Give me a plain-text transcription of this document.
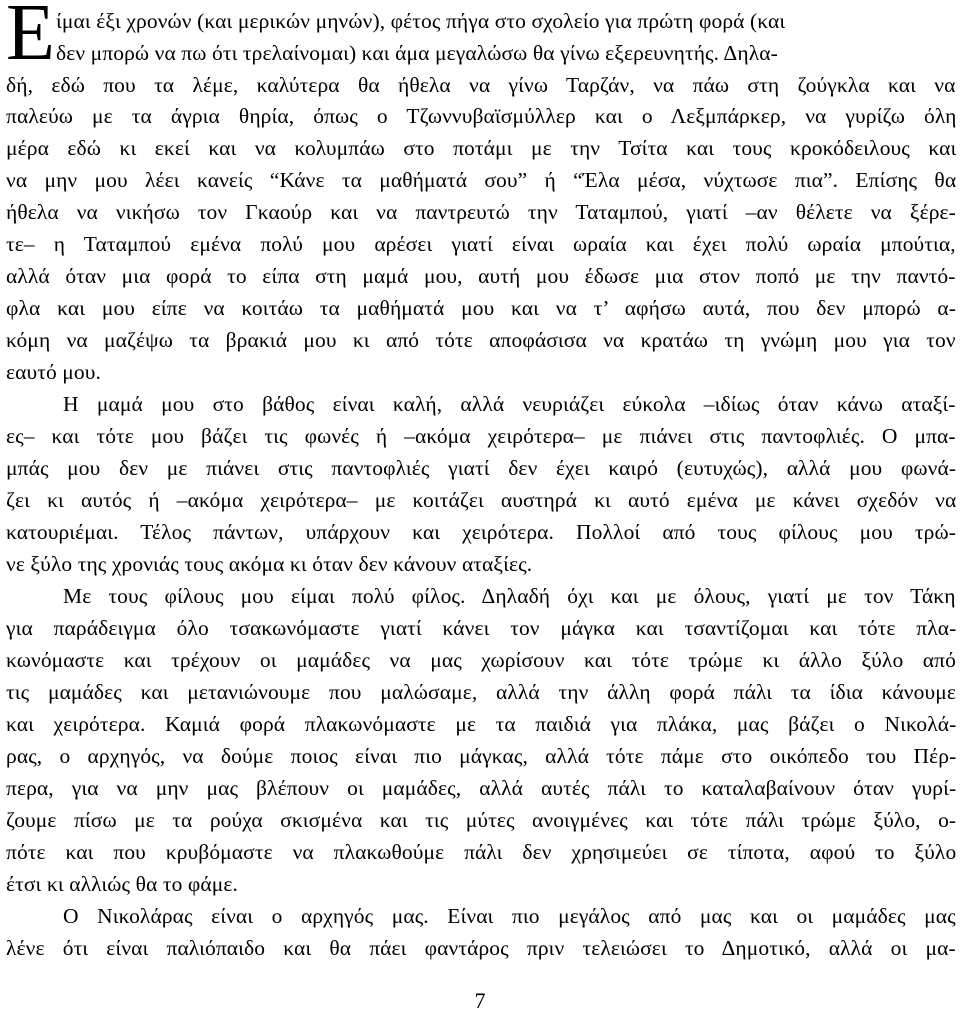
Ε ίμαι έξι χρονών (και μερικών μηνών), φέτος πήγα στο σχολείο για πρώτη φορά (και
δεν μπορώ να πω ότι τρελαίνομαι) και άμα μεγαλώσω θα γίνω εξερευνητής. Δηλα-
δή, εδώ που τα λέμε, καλύτερα θα ήθελα να γίνω Ταρζάν, να πάω στη ζούγκλα και να
παλεύω με τα άγρια θηρία, όπως ο Τζωννυβαϊσμύλλερ και ο Λεξμπάρκερ, να γυρίζω όλη
μέρα εδώ κι εκεί και να κολυμπάω στο ποτάμι με την Τσίτα και τους κροκόδειλους και
να μην μου λέει κανείς “Κάνε τα μαθήματά σου” ή “Έλα μέσα, νύχτωσε πια”. Επίσης θα
ήθελα να νικήσω τον Γκαούρ και να παντρευτώ την Ταταμπού, γιατί –αν θέλετε να ξέρε-
τε– η Ταταμπού εμένα πολύ μου αρέσει γιατί είναι ωραία και έχει πολύ ωραία μπούτια,
αλλά όταν μια φορά το είπα στη μαμά μου, αυτή μου έδωσε μια στον ποπό με την παντό-
φλα και μου είπε να κοιτάω τα μαθήματά μου και να τ’ αφήσω αυτά, που δεν μπορώ α-
κόμη να μαζέψω τα βρακιά μου κι από τότε αποφάσισα να κρατάω τη γνώμη μου για τον
εαυτό μου.
Η μαμά μου στο βάθος είναι καλή, αλλά νευριάζει εύκολα –ιδίως όταν κάνω αταξί-
ες– και τότε μου βάζει τις φωνές ή –ακόμα χειρότερα– με πιάνει στις παντοφλιές. Ο μπα-
μπάς μου δεν με πιάνει στις παντοφλιές γιατί δεν έχει καιρό (ευτυχώς), αλλά μου φωνά-
ζει κι αυτός ή –ακόμα χειρότερα– με κοιτάζει αυστηρά κι αυτό εμένα με κάνει σχεδόν να
κατουριέμαι. Τέλος πάντων, υπάρχουν και χειρότερα. Πολλοί από τους φίλους μου τρώ-
νε ξύλο της χρονιάς τους ακόμα κι όταν δεν κάνουν αταξίες.
Με τους φίλους μου είμαι πολύ φίλος. Δηλαδή όχι και με όλους, γιατί με τον Τάκη
για παράδειγμα όλο τσακωνόμαστε γιατί κάνει τον μάγκα και τσαντίζομαι και τότε πλα-
κωνόμαστε και τρέχουν οι μαμάδες να μας χωρίσουν και τότε τρώμε κι άλλο ξύλο από
τις μαμάδες και μετανιώνουμε που μαλώσαμε, αλλά την άλλη φορά πάλι τα ίδια κάνουμε
και χειρότερα. Καμιά φορά πλακωνόμαστε με τα παιδιά για πλάκα, μας βάζει ο Νικολά-
ρας, ο αρχηγός, να δούμε ποιος είναι πιο μάγκας, αλλά τότε πάμε στο οικόπεδο του Πέρ-
περα, για να μην μας βλέπουν οι μαμάδες, αλλά αυτές πάλι το καταλαβαίνουν όταν γυρί-
ζουμε πίσω με τα ρούχα σκισμένα και τις μύτες ανοιγμένες και τότε πάλι τρώμε ξύλο, ο-
πότε και που κρυβόμαστε να πλακωθούμε πάλι δεν χρησιμεύει σε τίποτα, αφού το ξύλο
έτσι κι αλλιώς θα το φάμε.
Ο Νικολάρας είναι ο αρχηγός μας. Είναι πιο μεγάλος από μας και οι μαμάδες μας
λένε ότι είναι παλιόπαιδο και θα πάει φαντάρος πριν τελειώσει το Δημοτικό, αλλά οι μα-
7
